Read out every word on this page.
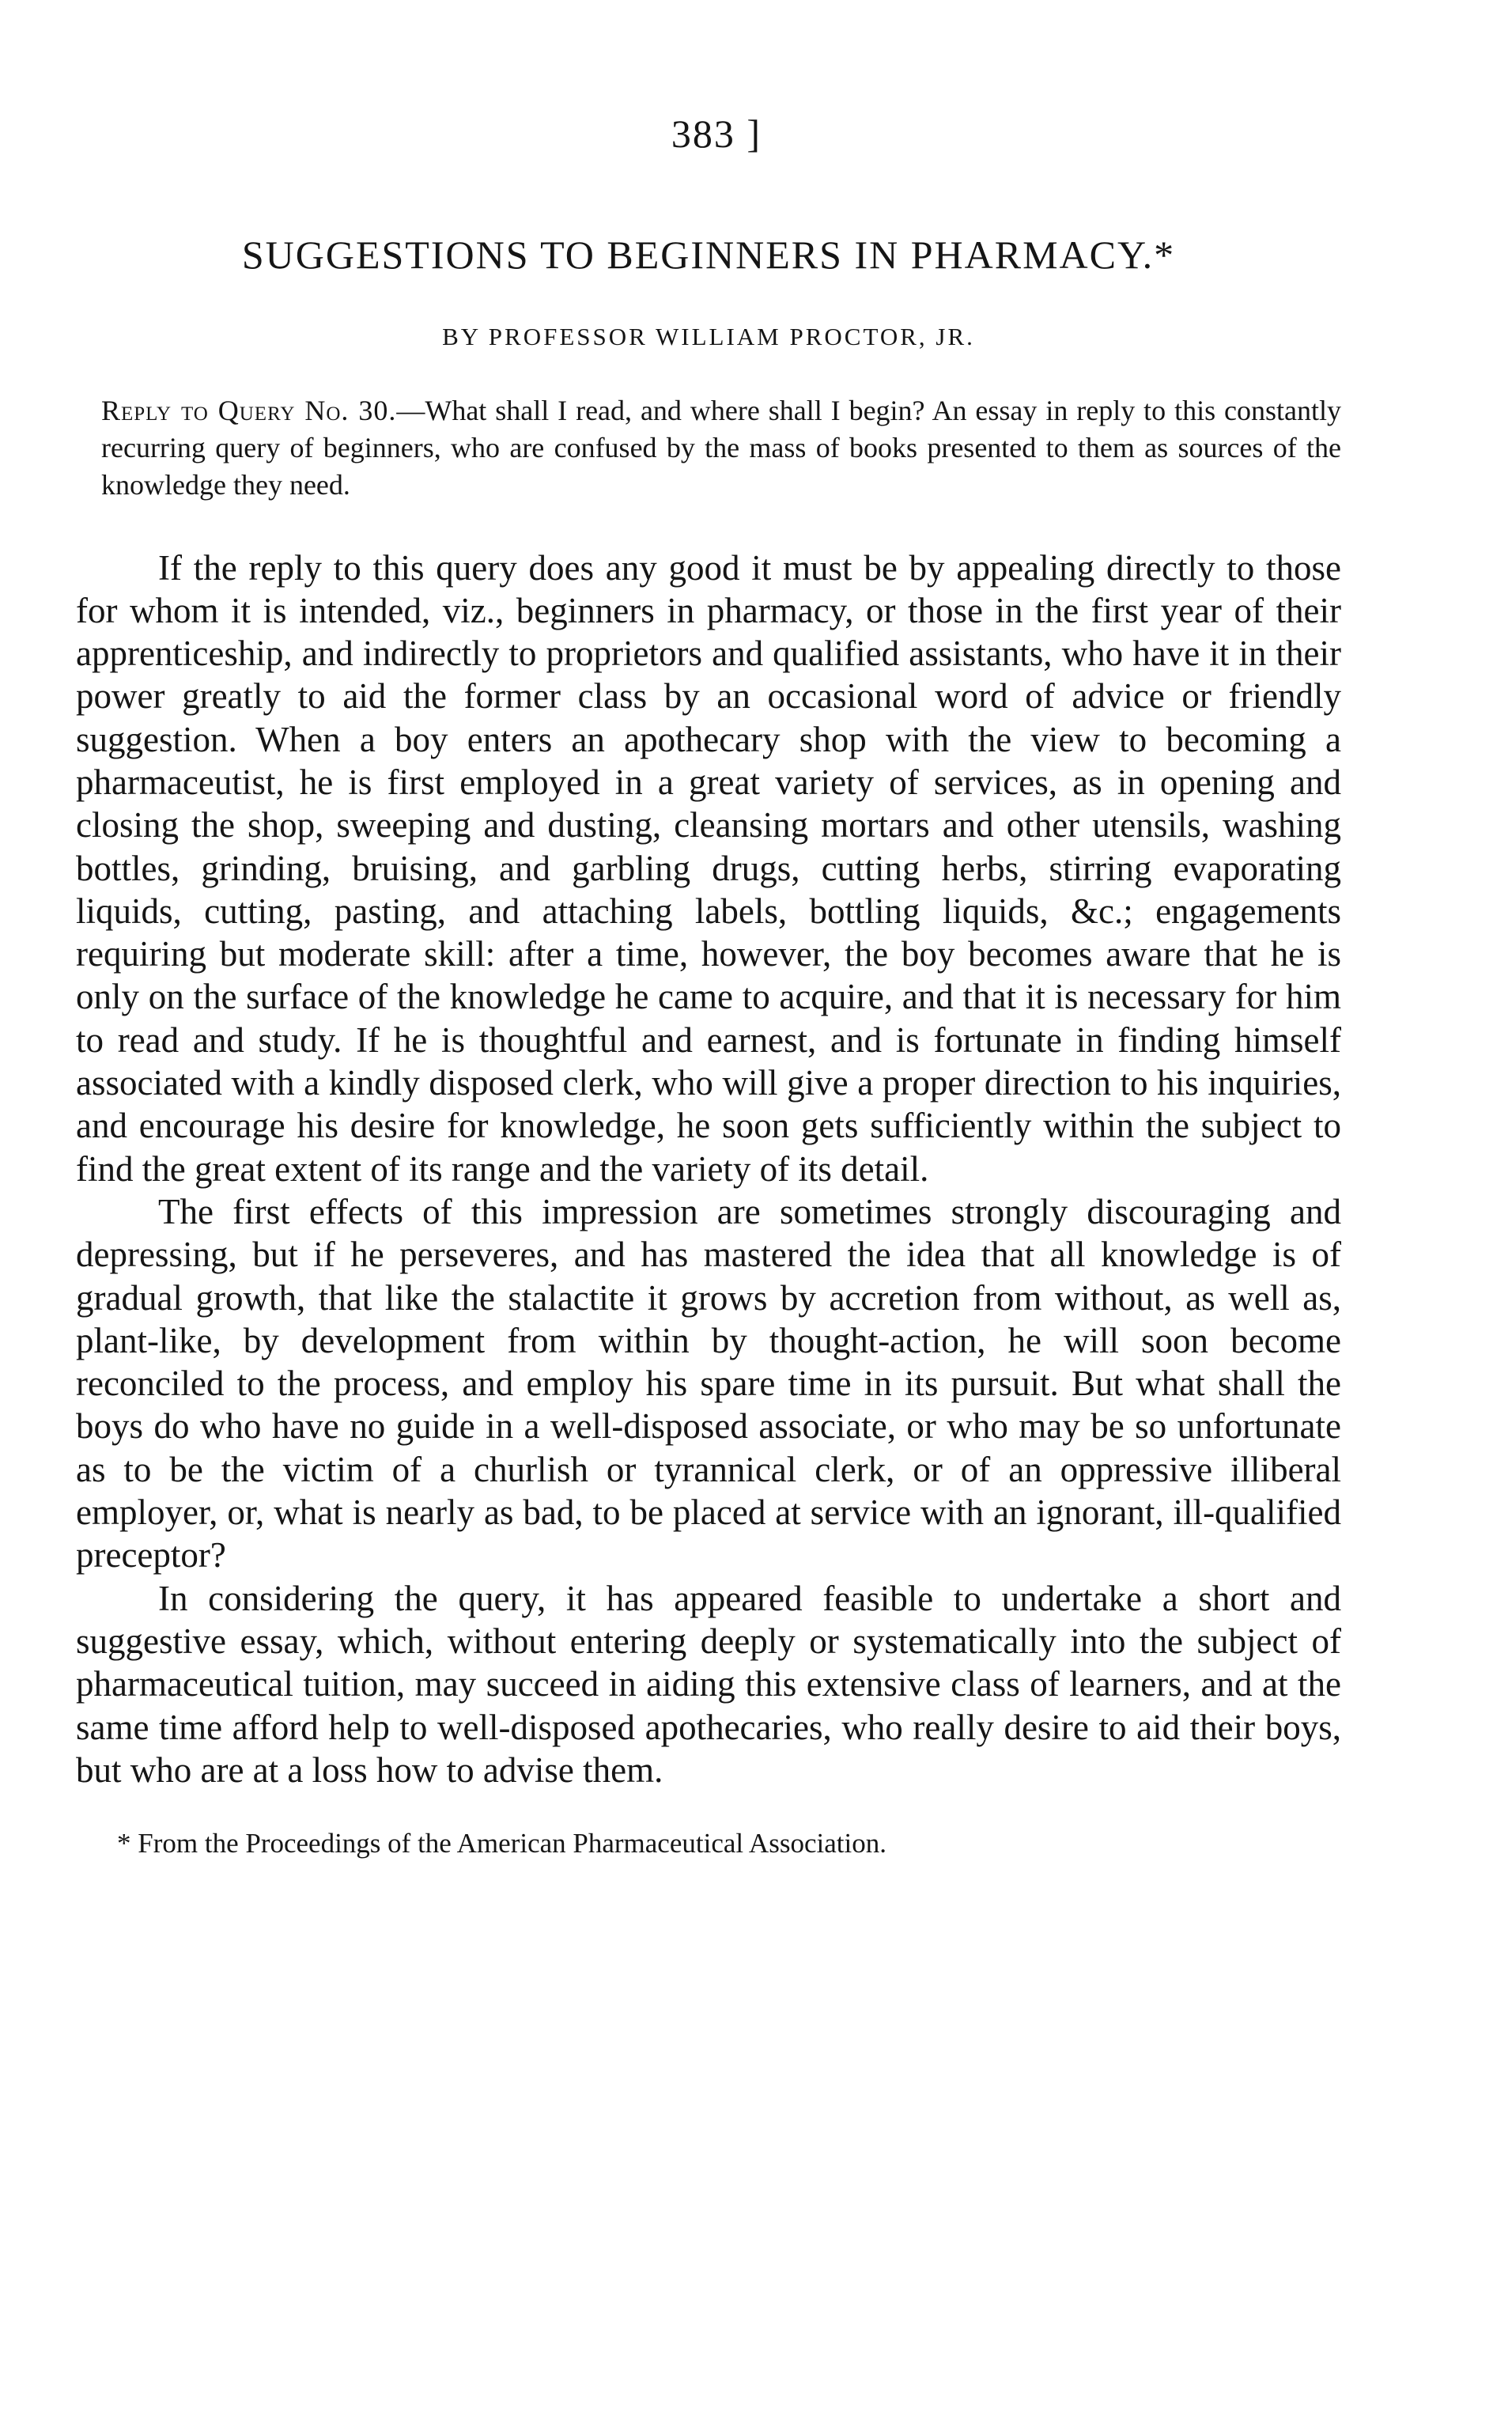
383 ]
SUGGESTIONS TO BEGINNERS IN PHARMACY.*
BY PROFESSOR WILLIAM PROCTOR, JR.
Reply to Query No. 30.—What shall I read, and where shall I begin? An essay in reply to this constantly recurring query of beginners, who are confused by the mass of books presented to them as sources of the knowledge they need.

If the reply to this query does any good it must be by appealing directly to those for whom it is intended, viz., beginners in pharmacy, or those in the first year of their apprenticeship, and indirectly to proprietors and qualified assistants, who have it in their power greatly to aid the former class by an occasional word of advice or friendly suggestion. When a boy enters an apothecary shop with the view to becoming a pharmaceutist, he is first employed in a great variety of services, as in opening and closing the shop, sweeping and dusting, cleansing mortars and other utensils, washing bottles, grinding, bruising, and garbling drugs, cutting herbs, stirring evaporating liquids, cutting, pasting, and attaching labels, bottling liquids, &c.; engagements requiring but moderate skill: after a time, however, the boy becomes aware that he is only on the surface of the knowledge he came to acquire, and that it is necessary for him to read and study. If he is thoughtful and earnest, and is fortunate in finding himself associated with a kindly disposed clerk, who will give a proper direction to his inquiries, and encourage his desire for knowledge, he soon gets sufficiently within the subject to find the great extent of its range and the variety of its detail.

The first effects of this impression are sometimes strongly discouraging and depressing, but if he perseveres, and has mastered the idea that all knowledge is of gradual growth, that like the stalactite it grows by accretion from without, as well as, plant-like, by development from within by thought-action, he will soon become reconciled to the process, and employ his spare time in its pursuit. But what shall the boys do who have no guide in a well-disposed associate, or who may be so unfortunate as to be the victim of a churlish or tyrannical clerk, or of an oppressive illiberal employer, or, what is nearly as bad, to be placed at service with an ignorant, ill-qualified preceptor?

In considering the query, it has appeared feasible to undertake a short and suggestive essay, which, without entering deeply or systematically into the subject of pharmaceutical tuition, may succeed in aiding this extensive class of learners, and at the same time afford help to well-disposed apothecaries, who really desire to aid their boys, but who are at a loss how to advise them.

* From the Proceedings of the American Pharmaceutical Association.
